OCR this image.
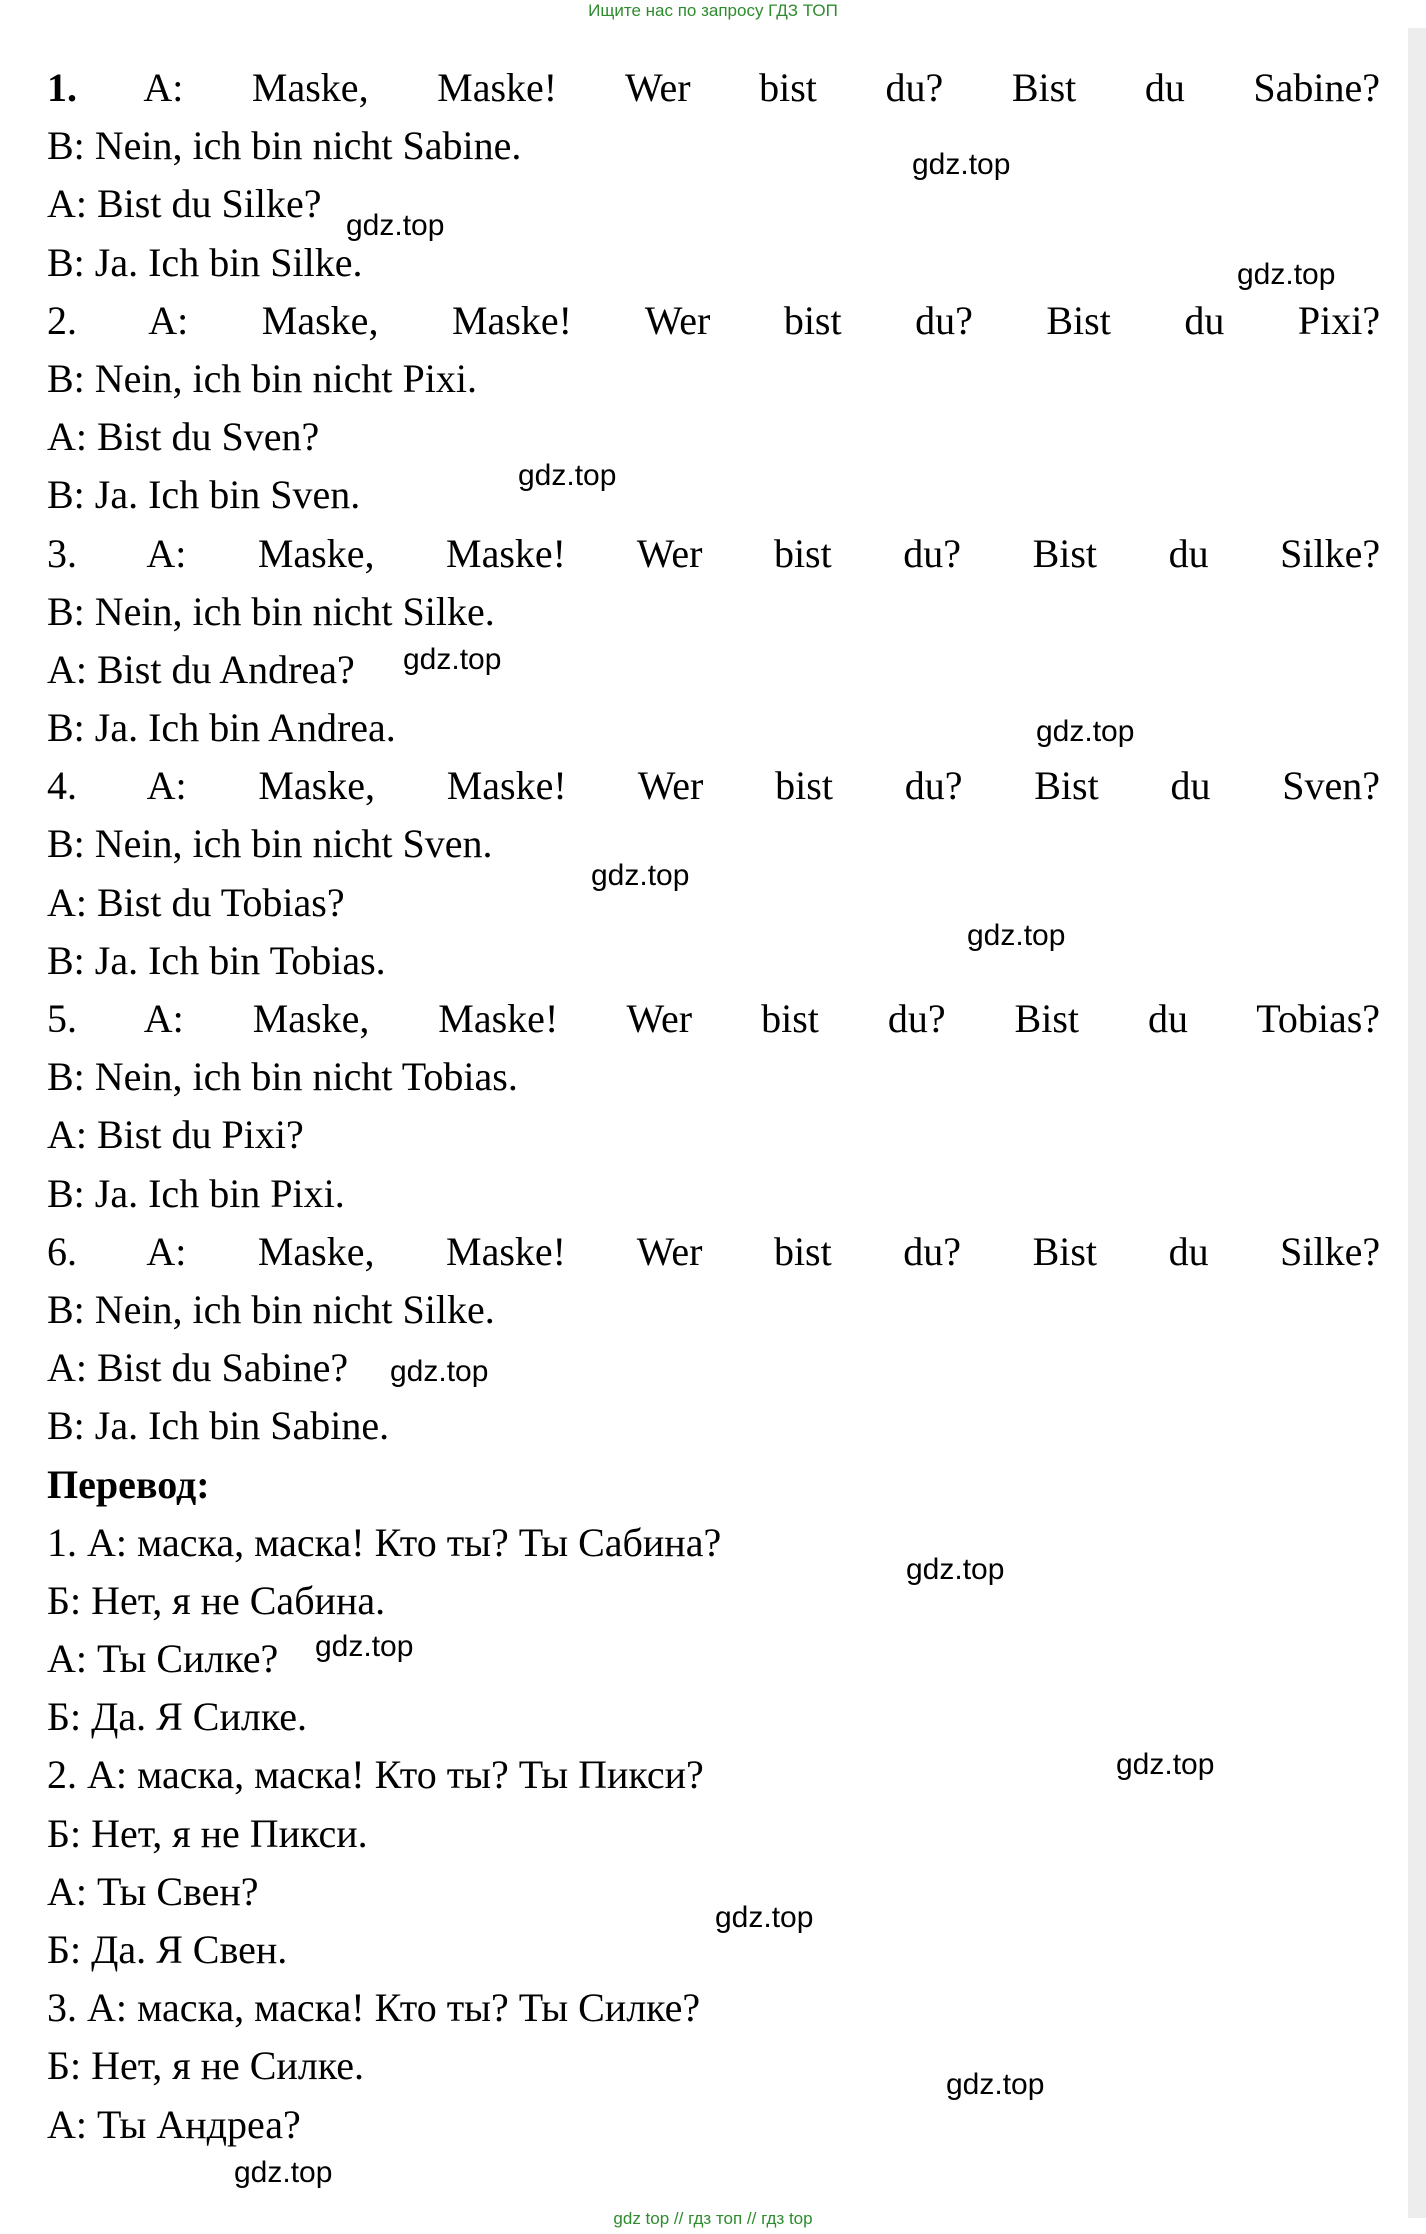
Ищите нас по запросу ГДЗ ТОП
1. A: Maske, Maske! Wer bist du? Bist du Sabine?
B: Nein, ich bin nicht Sabine.
A: Bist du Silke?
B: Ja. Ich bin Silke.
2. A: Maske, Maske! Wer bist du? Bist du Pixi?
B: Nein, ich bin nicht Pixi.
A: Bist du Sven?
B: Ja. Ich bin Sven.
3. A: Maske, Maske! Wer bist du? Bist du Silke?
B: Nein, ich bin nicht Silke.
A: Bist du Andrea?
B: Ja. Ich bin Andrea.
4. A: Maske, Maske! Wer bist du? Bist du Sven?
B: Nein, ich bin nicht Sven.
A: Bist du Tobias?
B: Ja. Ich bin Tobias.
5. A: Maske, Maske! Wer bist du? Bist du Tobias?
B: Nein, ich bin nicht Tobias.
A: Bist du Pixi?
B: Ja. Ich bin Pixi.
6. A: Maske, Maske! Wer bist du? Bist du Silke?
B: Nein, ich bin nicht Silke.
A: Bist du Sabine?
B: Ja. Ich bin Sabine.
Перевод:
1. А: маска, маска! Кто ты? Ты Сабина?
Б: Нет, я не Сабина.
А: Ты Силке?
Б: Да. Я Силке.
2. А: маска, маска! Кто ты? Ты Пикси?
Б: Нет, я не Пикси.
А: Ты Свен?
Б: Да. Я Свен.
3. А: маска, маска! Кто ты? Ты Силке?
Б: Нет, я не Силке.
А: Ты Андреа?
gdz.top
gdz.top
gdz.top
gdz.top
gdz.top
gdz.top
gdz.top
gdz.top
gdz.top
gdz.top
gdz.top
gdz.top
gdz.top
gdz.top
gdz.top
gdz top // гдз топ // гдз top
